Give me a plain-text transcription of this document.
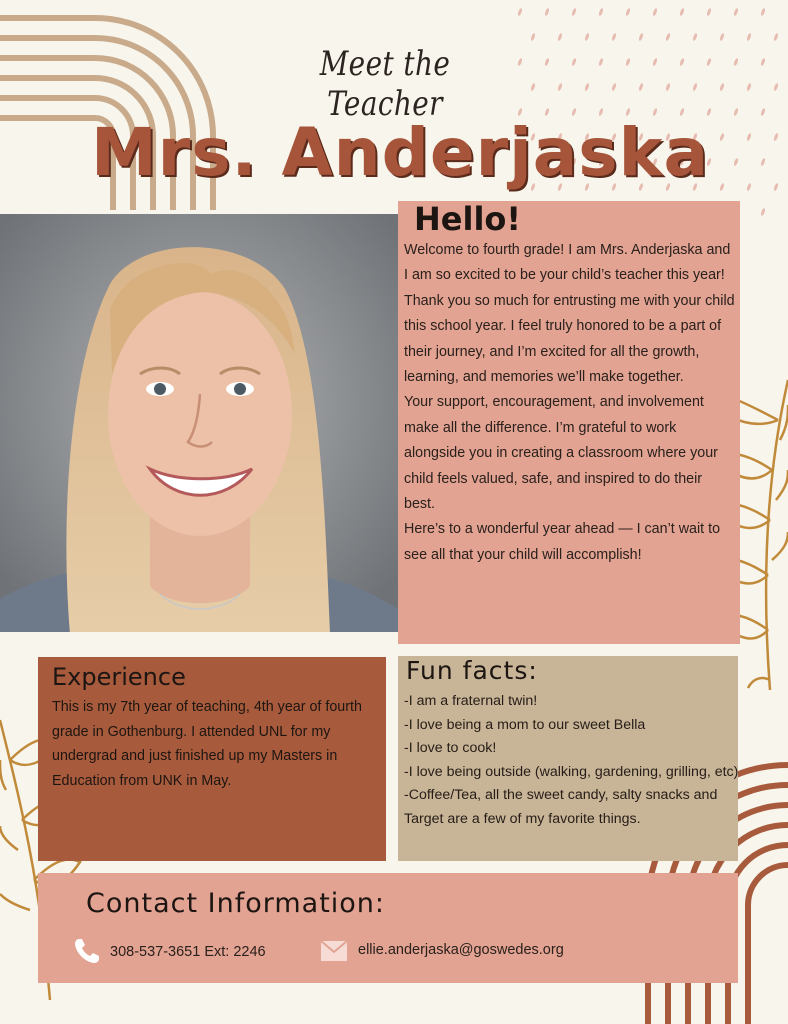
Meet the Teacher
Mrs. Anderjaska
Hello!

Welcome to fourth grade! I am Mrs. Anderjaska and I am so excited to be your child’s teacher this year! Thank you so much for entrusting me with your child this school year. I feel truly honored to be a part of their journey, and I’m excited for all the growth, learning, and memories we’ll make together.

Your support, encouragement, and involvement make all the difference. I’m grateful to work alongside you in creating a classroom where your child feels valued, safe, and inspired to do their best.

Here’s to a wonderful year ahead — I can’t wait to see all that your child will accomplish!

Experience
This is my 7th year of teaching, 4th year of fourth grade in Gothenburg. I attended UNL for my undergrad and just finished up my Masters in Education from UNK in May.
Fun facts:
-I am a fraternal twin!
-I love being a mom to our sweet Bella
-I love to cook!
-I love being outside (walking, gardening, grilling, etc)
-Coffee/Tea, all the sweet candy, salty snacks and Target are a few of my favorite things.
Contact Information:
308-537-3651 Ext: 2246	ellie.anderjaska@goswedes.org
